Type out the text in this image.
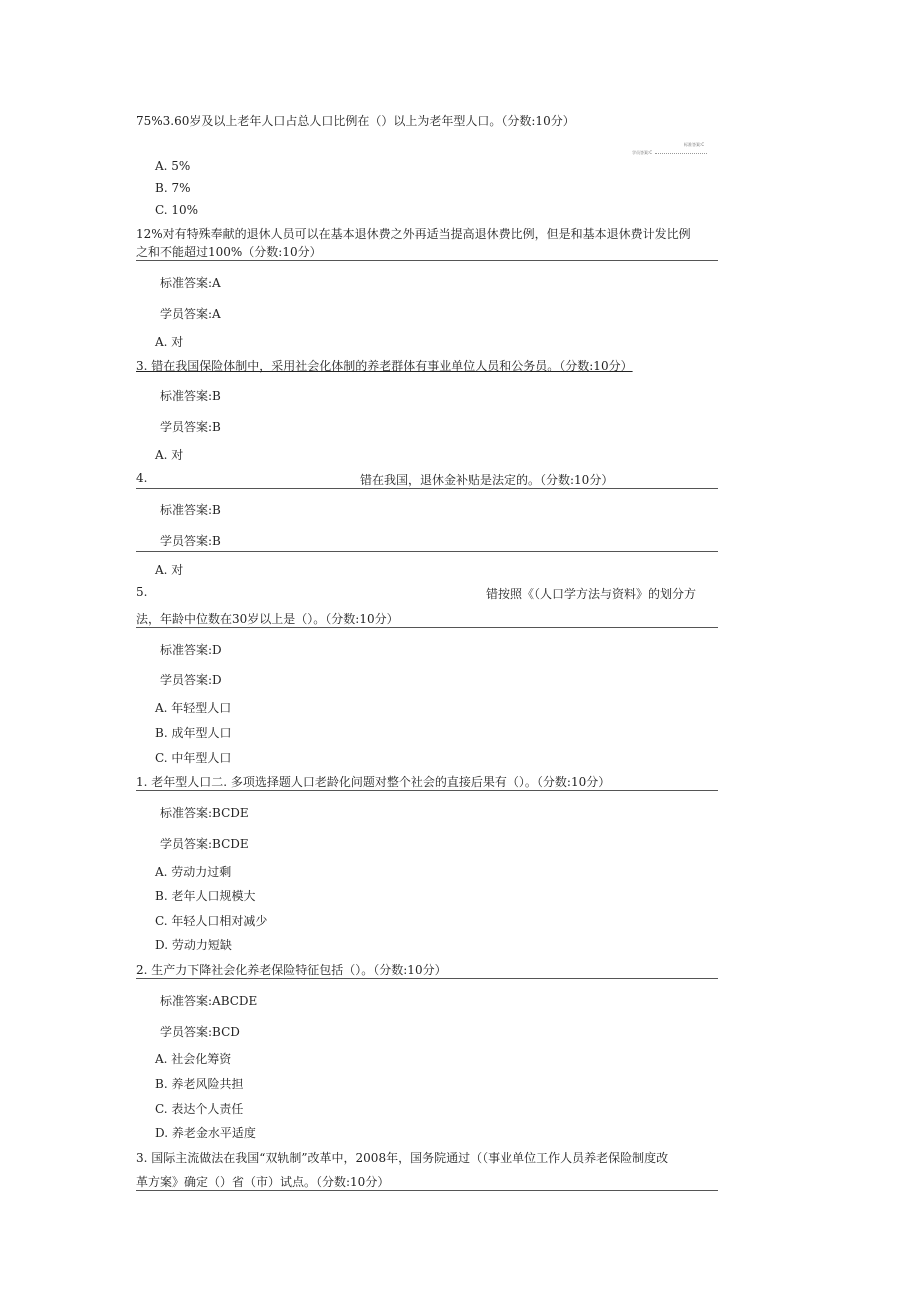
75%3.60岁及以上老年人口占总人口比例在（）以上为老年型人口。（分数:10分）
标准答案:C
学员答案:C
A. 5%
B. 7%
C. 10%
12%对有特殊奉献的退休人员可以在基本退休费之外再适当提高退休费比例，但是和基本退休费计发比例
之和不能超过100%（分数:10分）
标准答案:A
学员答案:A
A. 对
3. 错在我国保险体制中，采用社会化体制的养老群体有事业单位人员和公务员。（分数:10分）
标准答案:B
学员答案:B
A. 对
4.	错在我国，退休金补贴是法定的。（分数:10分）
标准答案:B
学员答案:B
A. 对
5.	错按照《（人口学方法与资料》的划分方
法，年龄中位数在30岁以上是（）。（分数:10分）
标准答案:D
学员答案:D
A. 年轻型人口
B. 成年型人口
C. 中年型人口
1. 老年型人口二. 多项选择题人口老龄化问题对整个社会的直接后果有（）。（分数:10分）
标准答案:BCDE
学员答案:BCDE
A. 劳动力过剩
B. 老年人口规模大
C. 年轻人口相对减少
D. 劳动力短缺
2. 生产力下降社会化养老保险特征包括（）。（分数:10分）
标准答案:ABCDE
学员答案:BCD
A. 社会化筹资
B. 养老风险共担
C. 表达个人责任
D. 养老金水平适度
3. 国际主流做法在我国“双轨制”改革中，2008年，国务院通过（（事业单位工作人员养老保险制度改
革方案》确定（）省（市）试点。（分数:10分）
